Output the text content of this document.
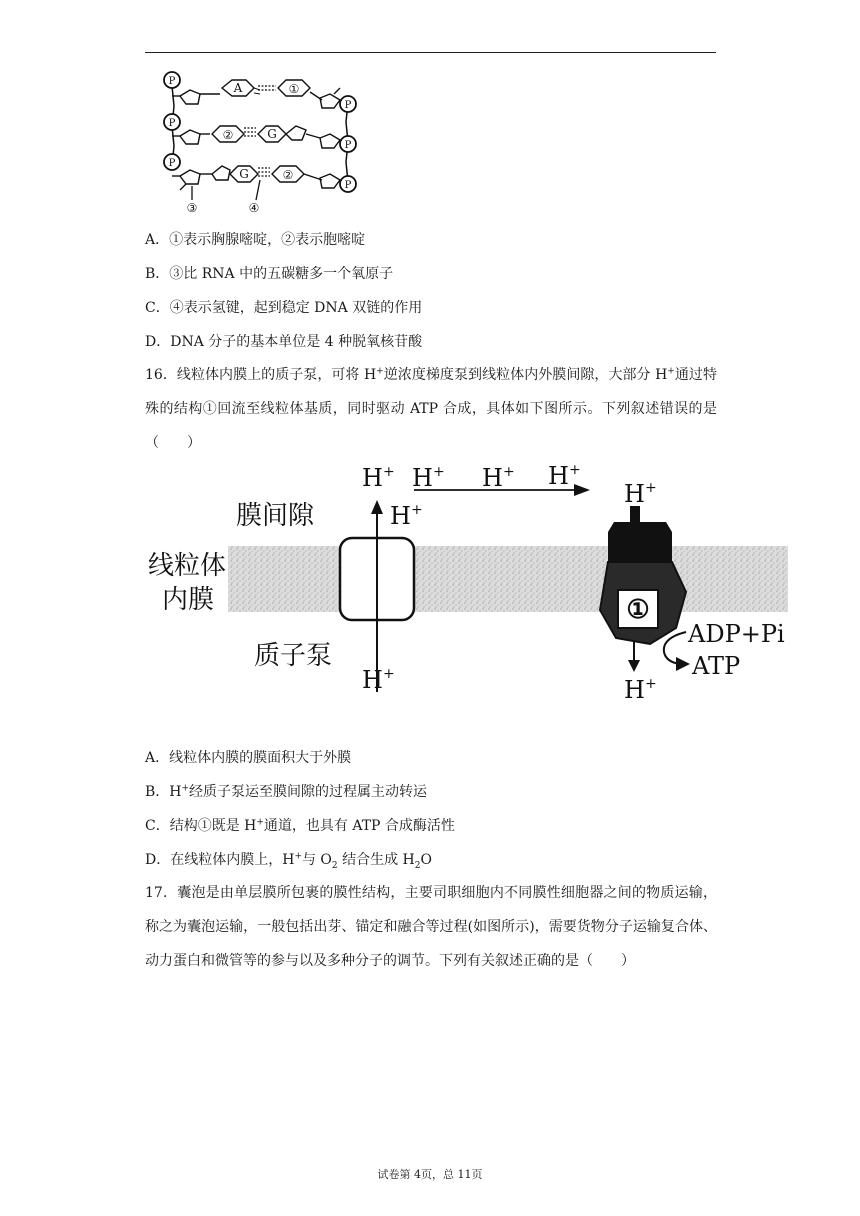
P
P
P
P
P
P
A	①
②	G
G	②
③	④
A．①表示胸腺嘧啶，②表示胞嘧啶
B．③比 RNA 中的五碳糖多一个氧原子
C．④表示氢键，起到稳定 DNA 双链的作用
D．DNA 分子的基本单位是 4 种脱氧核苷酸
16．线粒体内膜上的质子泵，可将 H+逆浓度梯度泵到线粒体内外膜间隙，大部分 H+通过特殊的结构①回流至线粒体基质，同时驱动 ATP 合成，具体如下图所示。下列叙述错误的是（　　）
H+ H+ H+ H+
H+
H+
H+
H+
膜间隙
线粒体
内膜
质子泵
①
ADP+Pi
ATP
A．线粒体内膜的膜面积大于外膜
B．H+经质子泵运至膜间隙的过程属主动转运
C．结构①既是 H+通道，也具有 ATP 合成酶活性
D．在线粒体内膜上，H+与 $O_2$ 结合生成 $H_2O$
17．囊泡是由单层膜所包裹的膜性结构，主要司职细胞内不同膜性细胞器之间的物质运输，称之为囊泡运输，一般包括出芽、锚定和融合等过程(如图所示)，需要货物分子运输复合体、动力蛋白和微管等的参与以及多种分子的调节。下列有关叙述正确的是（　　）
试卷第 4页，总 11页
